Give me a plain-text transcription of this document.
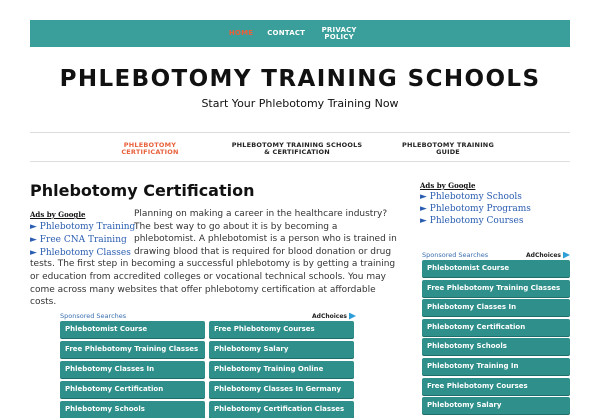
HOME CONTACT	PRIVACY POLICY
PHLEBOTOMY TRAINING SCHOOLS
Start Your Phlebotomy Training Now
PHLEBOTOMY CERTIFICATION
PHLEBOTOMY TRAINING SCHOOLS & CERTIFICATION
PHLEBOTOMY TRAINING GUIDE
Phlebotomy Certification
Planning on making a career in the healthcare industry? The best way to go about it is by becoming a phlebotomist. A phlebotomist is a person who is trained in drawing blood that is required for blood donation or drug tests. The first step in becoming a successful phlebotomy is by getting a training or education from accredited colleges or vocational technical schools. You may come across many websites that offer phlebotomy certification at affordable costs.
Ads by Google
► Phlebotomy Training
► Free CNA Training
► Phlebotomy Classes
Sponsored Searches	AdChoices
Phlebotomist Course
Free Phlebotomy Training Classes
Phlebotomy Classes In
Phlebotomy Certification
Phlebotomy Schools
Free Phlebotomy Courses
Phlebotomy Salary
Phlebotomy Training Online
Phlebotomy Classes In Germany
Phlebotomy Certification Classes
Ads by Google
► Phlebotomy Schools
► Phlebotomy Programs
► Phlebotomy Courses
Sponsored Searches	AdChoices
Phlebotomist Course
Free Phlebotomy Training Classes
Phlebotomy Classes In
Phlebotomy Certification
Phlebotomy Schools
Phlebotomy Training In
Free Phlebotomy Courses
Phlebotomy Salary
